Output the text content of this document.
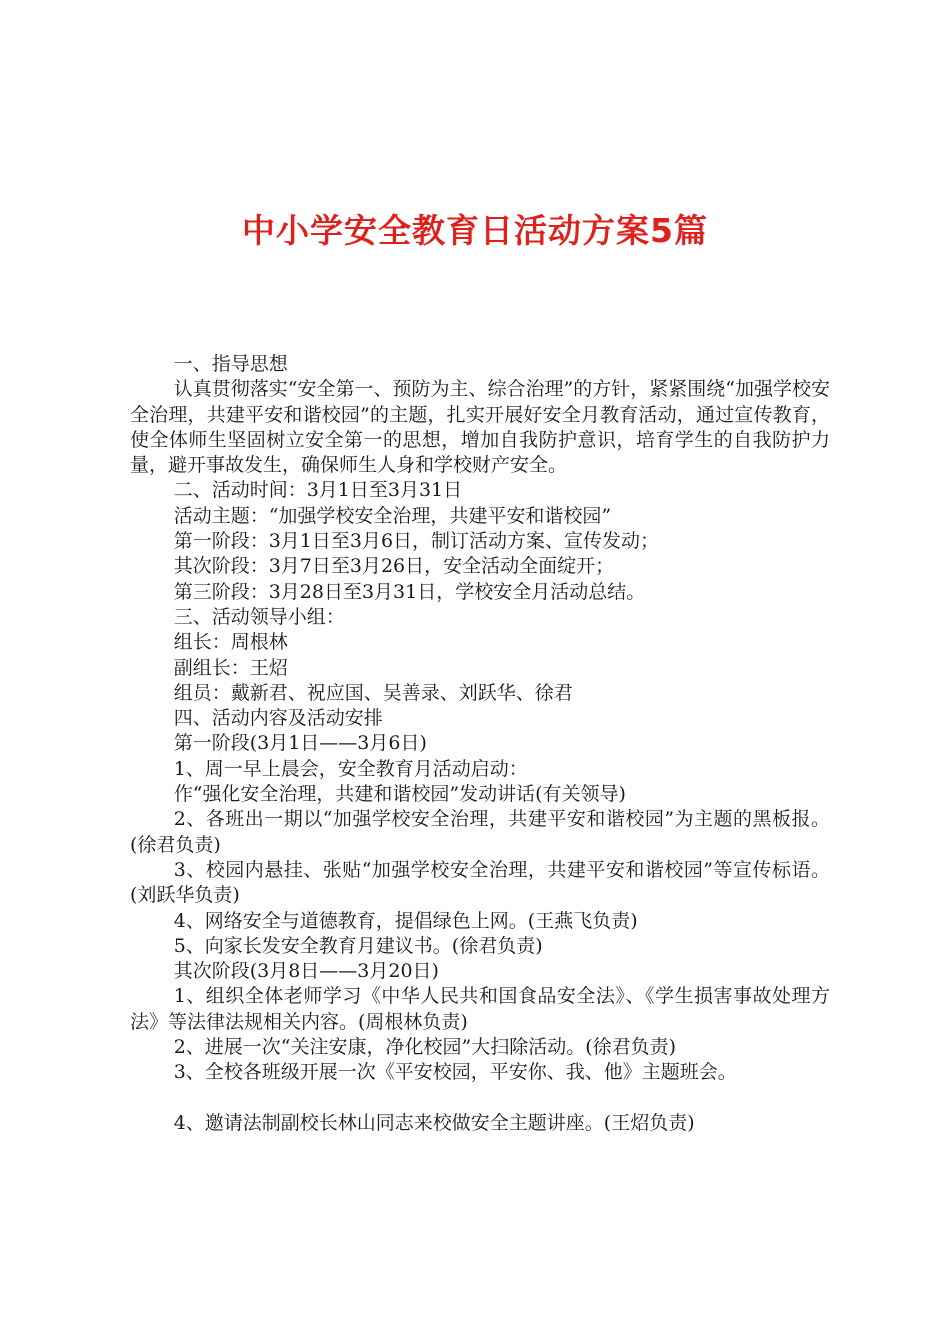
中小学安全教育日活动方案5篇

一、指导思想

认真贯彻落实“安全第一、预防为主、综合治理”的方针，紧紧围绕“加强学校安全治理，共建平安和谐校园”的主题，扎实开展好安全月教育活动，通过宣传教育，使全体师生坚固树立安全第一的思想，增加自我防护意识，培育学生的自我防护力量，避开事故发生，确保师生人身和学校财产安全。

二、活动时间：3月1日至3月31日

活动主题：“加强学校安全治理，共建平安和谐校园”

第一阶段：3月1日至3月6日，制订活动方案、宣传发动；

其次阶段：3月7日至3月26日，安全活动全面绽开；

第三阶段：3月28日至3月31日，学校安全月活动总结。

三、活动领导小组：

组长：周根林

副组长：王炤

组员：戴新君、祝应国、吴善录、刘跃华、徐君

四、活动内容及活动安排

第一阶段(3月1日——3月6日)

1、周一早上晨会，安全教育月活动启动：

作“强化安全治理，共建和谐校园”发动讲话(有关领导)

2、各班出一期以“加强学校安全治理，共建平安和谐校园”为主题的黑板报。(徐君负责)

3、校园内悬挂、张贴“加强学校安全治理，共建平安和谐校园”等宣传标语。(刘跃华负责)

4、网络安全与道德教育，提倡绿色上网。(王燕飞负责)

5、向家长发安全教育月建议书。(徐君负责)

其次阶段(3月8日——3月20日)

1、组织全体老师学习《中华人民共和国食品安全法》、《学生损害事故处理方法》等法律法规相关内容。(周根林负责)

2、进展一次“关注安康，净化校园”大扫除活动。(徐君负责)

3、全校各班级开展一次《平安校园，平安你、我、他》主题班会。

4、邀请法制副校长林山同志来校做安全主题讲座。(王炤负责)
